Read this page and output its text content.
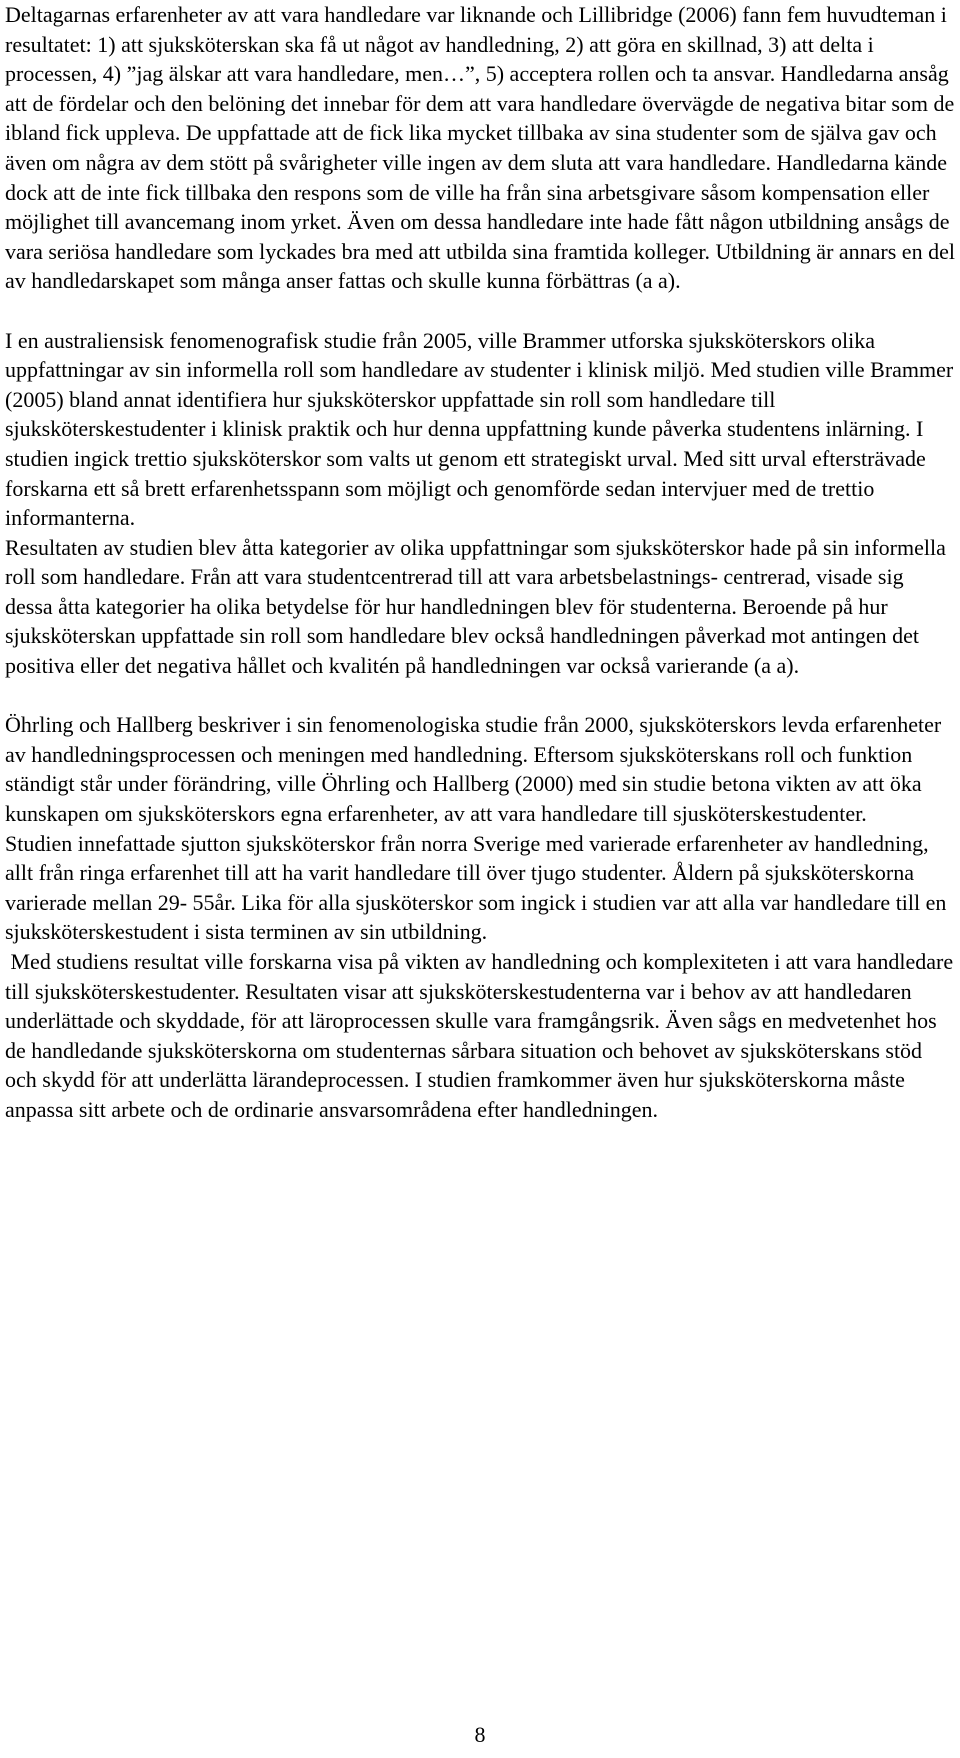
Deltagarnas erfarenheter av att vara handledare var liknande och Lillibridge (2006) fann fem huvudteman i resultatet: 1) att sjuksköterskan ska få ut något av handledning, 2) att göra en skillnad, 3) att delta i processen, 4) ”jag älskar att vara handledare, men…”, 5) acceptera rollen och ta ansvar. Handledarna ansåg att de fördelar och den belöning det innebar för dem att vara handledare övervägde de negativa bitar som de ibland fick uppleva. De uppfattade att de fick lika mycket tillbaka av sina studenter som de själva gav och även om några av dem stött på svårigheter ville ingen av dem sluta att vara handledare. Handledarna kände dock att de inte fick tillbaka den respons som de ville ha från sina arbetsgivare såsom kompensation eller möjlighet till avancemang inom yrket. Även om dessa handledare inte hade fått någon utbildning ansågs de vara seriösa handledare som lyckades bra med att utbilda sina framtida kolleger. Utbildning är annars en del av handledarskapet som många anser fattas och skulle kunna förbättras (a a).

I en australiensisk fenomenografisk studie från 2005, ville Brammer utforska sjuksköterskors olika uppfattningar av sin informella roll som handledare av studenter i klinisk miljö. Med studien ville Brammer (2005) bland annat identifiera hur sjuksköterskor uppfattade sin roll som handledare till sjuksköterskestudenter i klinisk praktik och hur denna uppfattning kunde påverka studentens inlärning. I studien ingick trettio sjuksköterskor som valts ut genom ett strategiskt urval. Med sitt urval eftersträvade forskarna ett så brett erfarenhetsspann som möjligt och genomförde sedan intervjuer med de trettio informanterna.

Resultaten av studien blev åtta kategorier av olika uppfattningar som sjuksköterskor hade på sin informella roll som handledare. Från att vara studentcentrerad till att vara arbetsbelastnings- centrerad, visade sig dessa åtta kategorier ha olika betydelse för hur handledningen blev för studenterna. Beroende på hur sjuksköterskan uppfattade sin roll som handledare blev också handledningen påverkad mot antingen det positiva eller det negativa hållet och kvalitén på handledningen var också varierande (a a).

Öhrling och Hallberg beskriver i sin fenomenologiska studie från 2000, sjuksköterskors levda erfarenheter av handledningsprocessen och meningen med handledning. Eftersom sjuksköterskans roll och funktion ständigt står under förändring, ville Öhrling och Hallberg (2000) med sin studie betona vikten av att öka kunskapen om sjuksköterskors egna erfarenheter, av att vara handledare till sjusköterskestudenter.

Studien innefattade sjutton sjuksköterskor från norra Sverige med varierade erfarenheter av handledning, allt från ringa erfarenhet till att ha varit handledare till över tjugo studenter. Åldern på sjuksköterskorna varierade mellan 29- 55år. Lika för alla sjusköterskor som ingick i studien var att alla var handledare till en sjuksköterskestudent i sista terminen av sin utbildning.

Med studiens resultat ville forskarna visa på vikten av handledning och komplexiteten i att vara handledare till sjuksköterskestudenter. Resultaten visar att sjuksköterskestudenterna var i behov av att handledaren underlättade och skyddade, för att läroprocessen skulle vara framgångsrik. Även sågs en medvetenhet hos de handledande sjuksköterskorna om studenternas sårbara situation och behovet av sjuksköterskans stöd och skydd för att underlätta lärandeprocessen. I studien framkommer även hur sjuksköterskorna måste anpassa sitt arbete och de ordinarie ansvarsområdena efter handledningen.

8
